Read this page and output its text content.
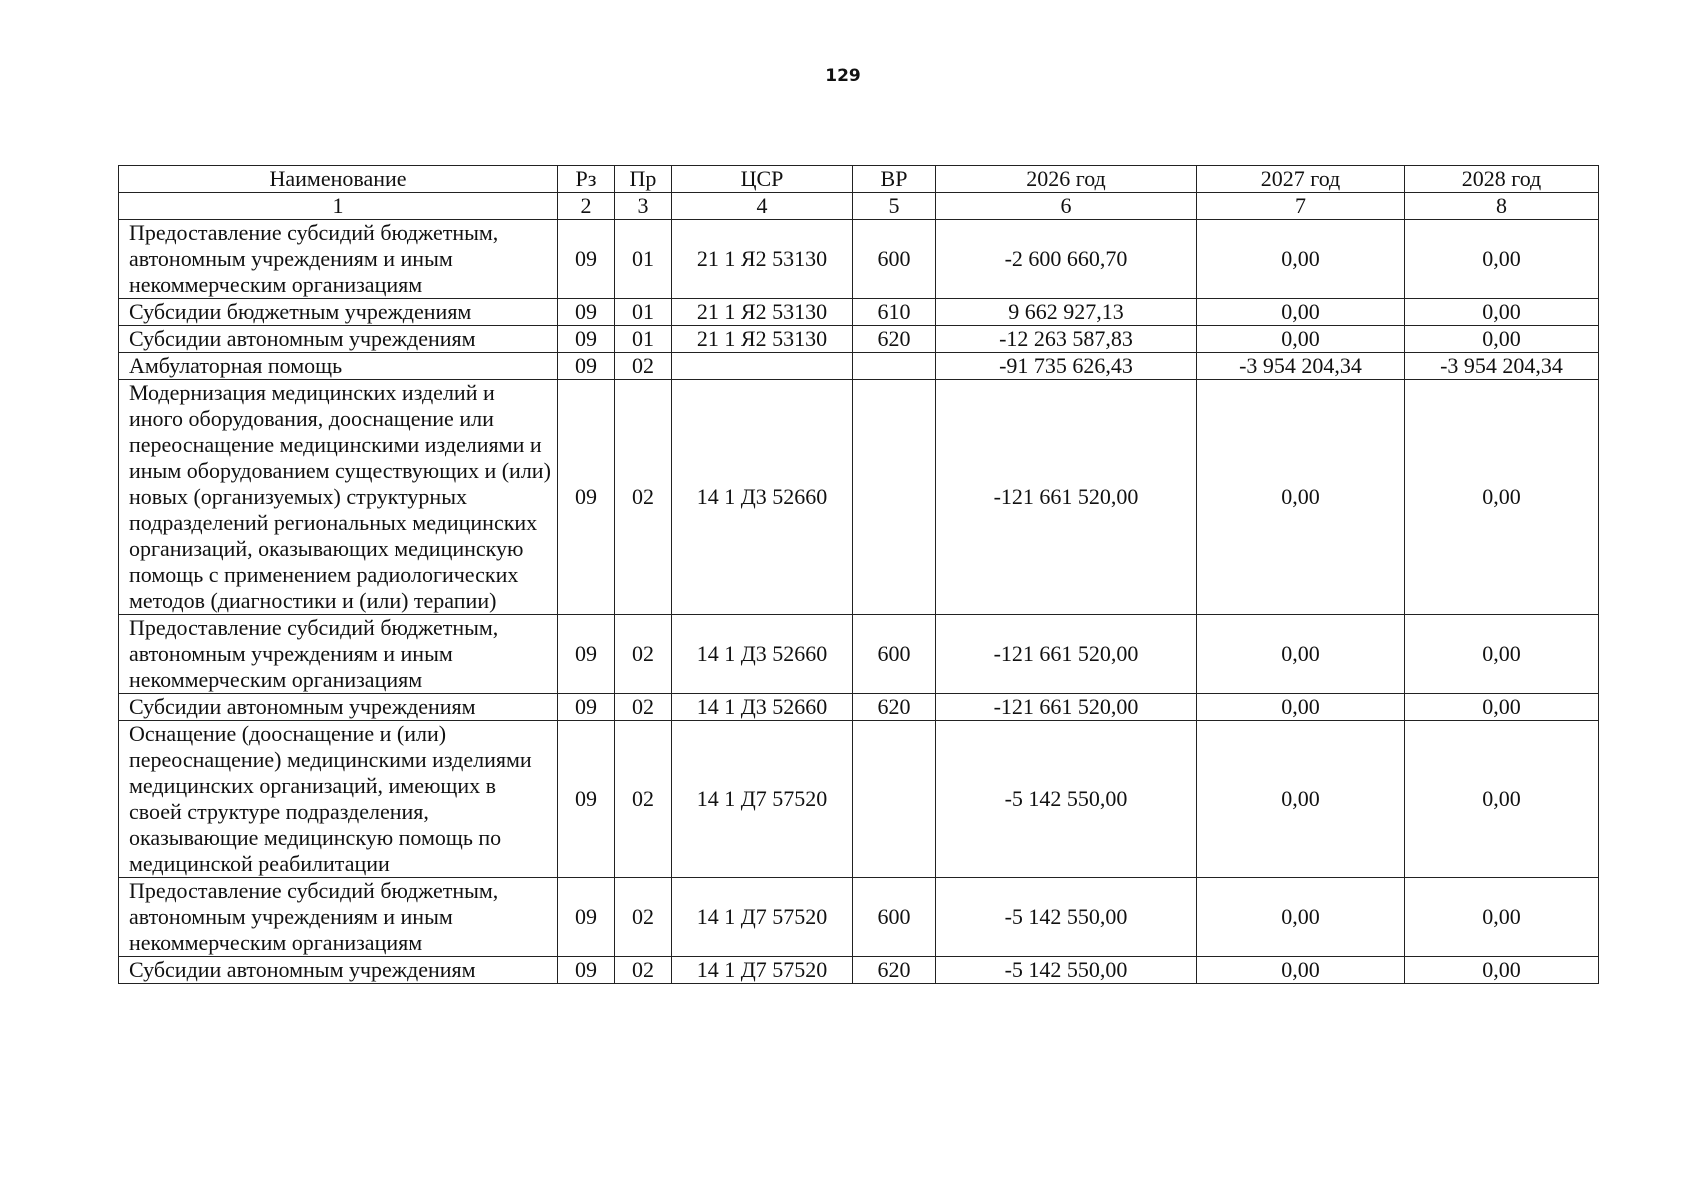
129
Наименование	Рз	Пр	ЦСР	ВР	2026 год	2027 год	2028 год
1	2	3	4	5	6	7	8
Предоставление субсидий бюджетным, автономным учреждениям и иным некоммерческим организациям	09	01	21 1 Я2 53130	600	-2 600 660,70	0,00	0,00
Субсидии бюджетным учреждениям	09	01	21 1 Я2 53130	610	9 662 927,13	0,00	0,00
Субсидии автономным учреждениям	09	01	21 1 Я2 53130	620	-12 263 587,83	0,00	0,00
Амбулаторная помощь	09	02			-91 735 626,43	-3 954 204,34	-3 954 204,34
Модернизация медицинских изделий и иного оборудования, дооснащение или переоснащение медицинскими изделиями и иным оборудованием существующих и (или) новых (организуемых) структурных подразделений региональных медицинских организаций, оказывающих медицинскую помощь с применением радиологических методов (диагностики и (или) терапии)	09	02	14 1 Д3 52660		-121 661 520,00	0,00	0,00
Предоставление субсидий бюджетным, автономным учреждениям и иным некоммерческим организациям	09	02	14 1 Д3 52660	600	-121 661 520,00	0,00	0,00
Субсидии автономным учреждениям	09	02	14 1 Д3 52660	620	-121 661 520,00	0,00	0,00
Оснащение (дооснащение и (или) переоснащение) медицинскими изделиями медицинских организаций, имеющих в своей структуре подразделения, оказывающие медицинскую помощь по медицинской реабилитации	09	02	14 1 Д7 57520		-5 142 550,00	0,00	0,00
Предоставление субсидий бюджетным, автономным учреждениям и иным некоммерческим организациям	09	02	14 1 Д7 57520	600	-5 142 550,00	0,00	0,00
Субсидии автономным учреждениям	09	02	14 1 Д7 57520	620	-5 142 550,00	0,00	0,00
